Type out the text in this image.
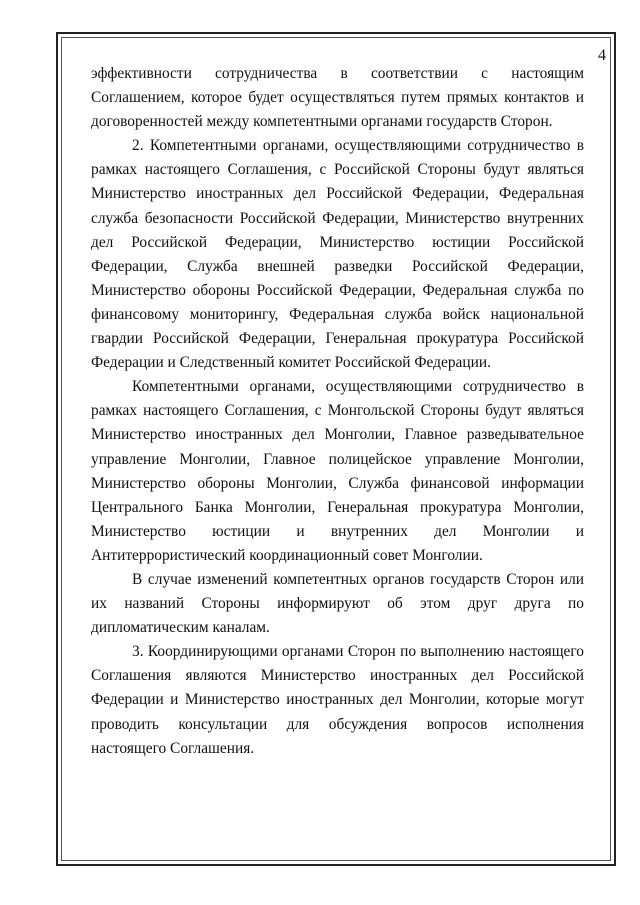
4

эффективности сотрудничества в соответствии с настоящим Соглашением, которое будет осуществляться путем прямых контактов и договоренностей между компетентными органами государств Сторон.

2. Компетентными органами, осуществляющими сотрудничество в рамках настоящего Соглашения, с Российской Стороны будут являться Министерство иностранных дел Российской Федерации, Федеральная служба безопасности Российской Федерации, Министерство внутренних дел Российской Федерации, Министерство юстиции Российской Федерации, Служба внешней разведки Российской Федерации, Министерство обороны Российской Федерации, Федеральная служба по финансовому мониторингу, Федеральная служба войск национальной гвардии Российской Федерации, Генеральная прокуратура Российской Федерации и Следственный комитет Российской Федерации.

Компетентными органами, осуществляющими сотрудничество в рамках настоящего Соглашения, с Монгольской Стороны будут являться Министерство иностранных дел Монголии, Главное разведывательное управление Монголии, Главное полицейское управление Монголии, Министерство обороны Монголии, Служба финансовой информации Центрального Банка Монголии, Генеральная прокуратура Монголии, Министерство юстиции и внутренних дел Монголии и Антитеррористический координационный совет Монголии.

В случае изменений компетентных органов государств Сторон или их названий Стороны информируют об этом друг друга по дипломатическим каналам.

3. Координирующими органами Сторон по выполнению настоящего Соглашения являются Министерство иностранных дел Российской Федерации и Министерство иностранных дел Монголии, которые могут проводить консультации для обсуждения вопросов исполнения настоящего Соглашения.
